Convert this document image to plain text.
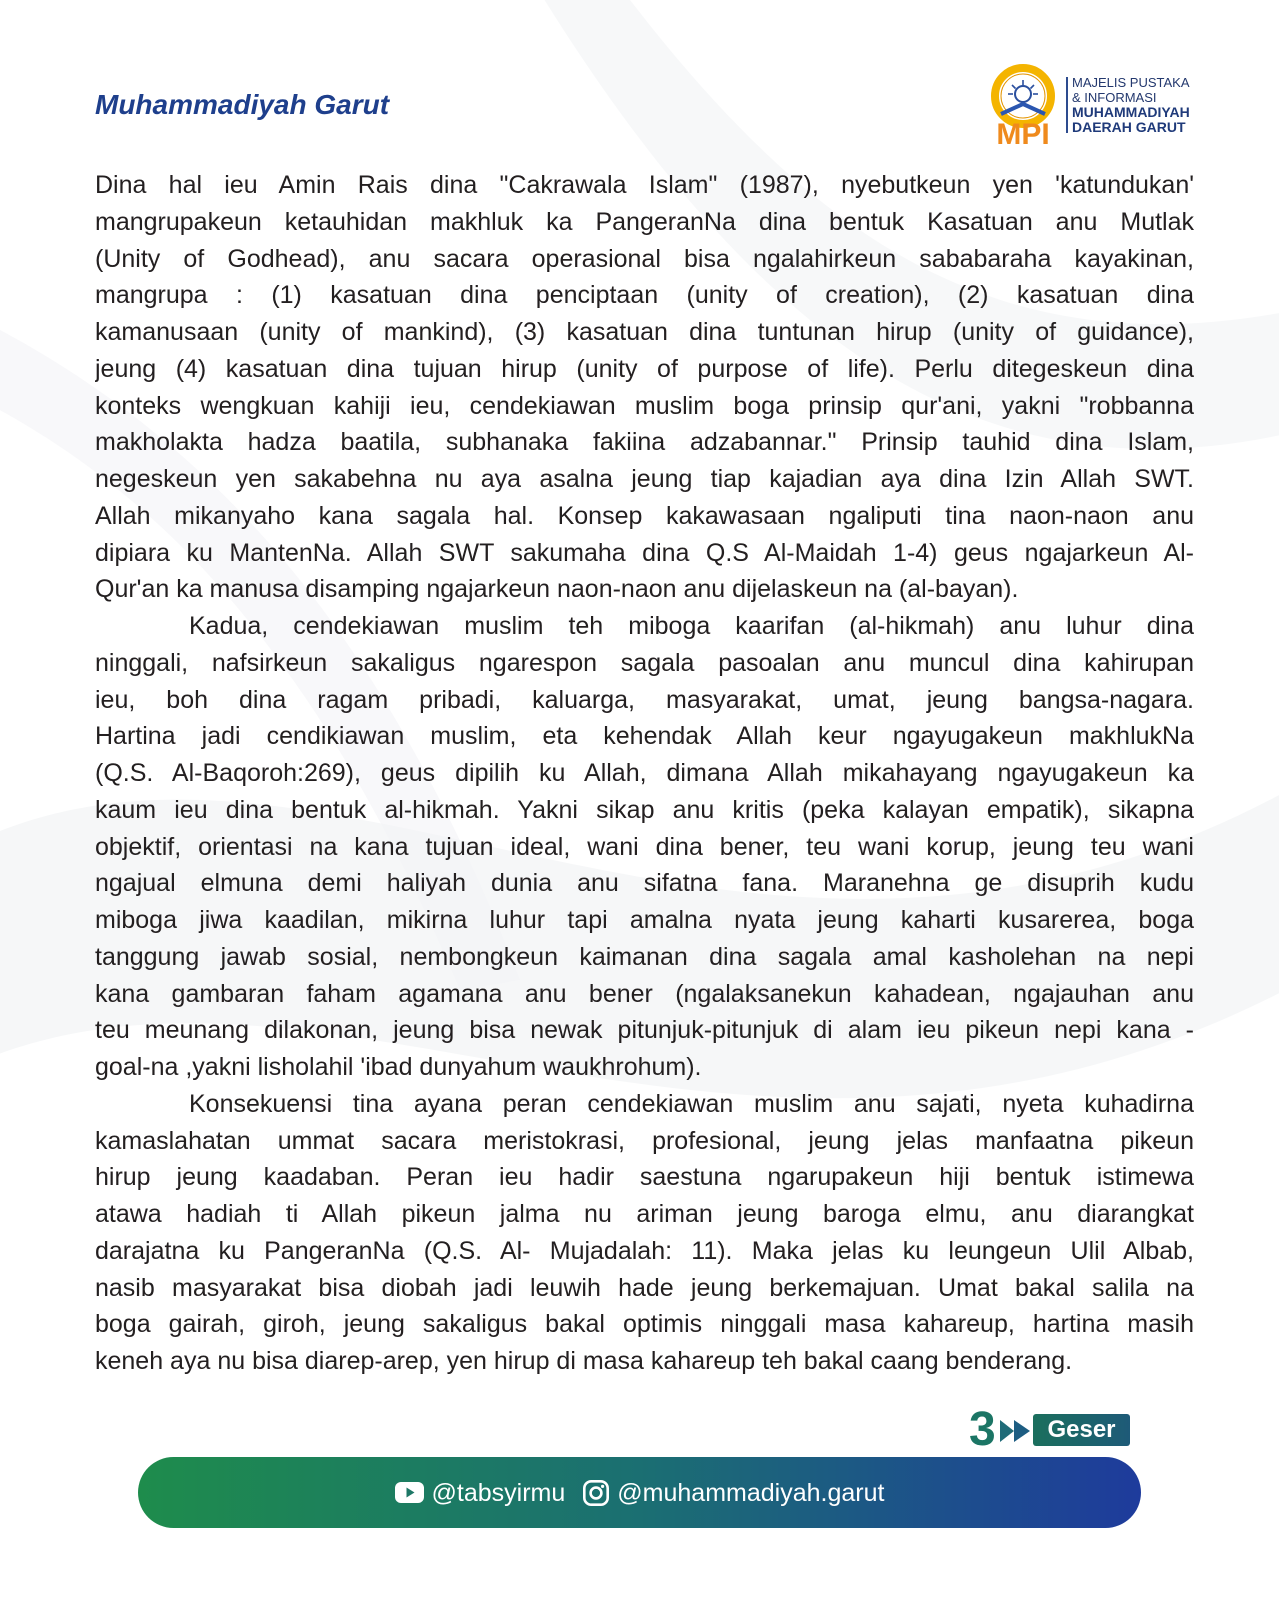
Muhammadiyah Garut
MPI
MAJELIS PUSTAKA
& INFORMASI
MUHAMMADIYAH
DAERAH GARUT
Dina hal ieu Amin Rais dina "Cakrawala Islam" (1987), nyebutkeun yen 'katundukan'
mangrupakeun ketauhidan makhluk ka PangeranNa dina bentuk Kasatuan anu Mutlak
(Unity of Godhead), anu sacara operasional bisa ngalahirkeun sababaraha kayakinan,
mangrupa : (1) kasatuan dina penciptaan (unity of creation), (2) kasatuan dina
kamanusaan (unity of mankind), (3) kasatuan dina tuntunan hirup (unity of guidance),
jeung (4) kasatuan dina tujuan hirup (unity of purpose of life). Perlu ditegeskeun dina
konteks wengkuan kahiji ieu, cendekiawan muslim boga prinsip qur'ani, yakni "robbanna
makholakta hadza baatila, subhanaka fakiina adzabannar." Prinsip tauhid dina Islam,
negeskeun yen sakabehna nu aya asalna jeung tiap kajadian aya dina Izin Allah SWT.
Allah mikanyaho kana sagala hal. Konsep kakawasaan ngaliputi tina naon-naon anu
dipiara ku MantenNa. Allah SWT sakumaha dina Q.S Al-Maidah 1-4) geus ngajarkeun Al-
Qur'an ka manusa disamping ngajarkeun naon-naon anu dijelaskeun na (al-bayan).
Kadua, cendekiawan muslim teh miboga kaarifan (al-hikmah) anu luhur dina
ninggali, nafsirkeun sakaligus ngarespon sagala pasoalan anu muncul dina kahirupan
ieu, boh dina ragam pribadi, kaluarga, masyarakat, umat, jeung bangsa-nagara.
Hartina jadi cendikiawan muslim, eta kehendak Allah keur ngayugakeun makhlukNa
(Q.S. Al-Baqoroh:269), geus dipilih ku Allah, dimana Allah mikahayang ngayugakeun ka
kaum ieu dina bentuk al-hikmah. Yakni sikap anu kritis (peka kalayan empatik), sikapna
objektif, orientasi na kana tujuan ideal, wani dina bener, teu wani korup, jeung teu wani
ngajual elmuna demi haliyah dunia anu sifatna fana. Maranehna ge disuprih kudu
miboga jiwa kaadilan, mikirna luhur tapi amalna nyata jeung kaharti kusarerea, boga
tanggung jawab sosial, nembongkeun kaimanan dina sagala amal kasholehan na nepi
kana gambaran faham agamana anu bener (ngalaksanekun kahadean, ngajauhan anu
teu meunang dilakonan, jeung bisa newak pitunjuk-pitunjuk di alam ieu pikeun nepi kana -
goal-na ,yakni lisholahil 'ibad dunyahum waukhrohum).
Konsekuensi tina ayana peran cendekiawan muslim anu sajati, nyeta kuhadirna
kamaslahatan ummat sacara meristokrasi, profesional, jeung jelas manfaatna pikeun
hirup jeung kaadaban. Peran ieu hadir saestuna ngarupakeun hiji bentuk istimewa
atawa hadiah ti Allah pikeun jalma nu ariman jeung baroga elmu, anu diarangkat
darajatna ku PangeranNa (Q.S. Al- Mujadalah: 11). Maka jelas ku leungeun Ulil Albab,
nasib masyarakat bisa diobah jadi leuwih hade jeung berkemajuan. Umat bakal salila na
boga gairah, giroh, jeung sakaligus bakal optimis ninggali masa kahareup, hartina masih
keneh aya nu bisa diarep-arep, yen hirup di masa kahareup teh bakal caang benderang.
3	Geser
@tabsyirmu @muhammadiyah.garut
